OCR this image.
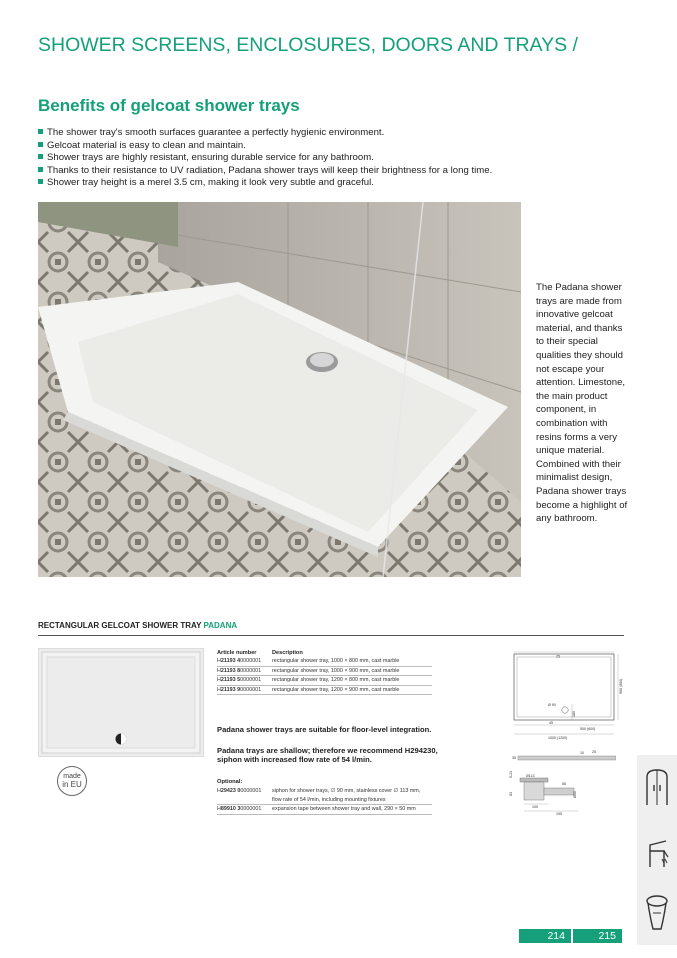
SHOWER SCREENS, ENCLOSURES, DOORS AND TRAYS /
Benefits of gelcoat shower trays
The shower tray's smooth surfaces guarantee a perfectly hygienic environment.
Gelcoat material is easy to clean and maintain.
Shower trays are highly resistant, ensuring durable service for any bathroom.
Thanks to their resistance to UV radiation, Padana shower trays will keep their brightness for a long time.
Shower tray height is a merel 3.5 cm, making it look very subtle and graceful.
The Padana shower trays are made from innovative gelcoat material, and thanks to their special qualities they should not escape your attention. Limestone, the main product component, in combination with resins forms a very unique material. Combined with their minimalist design, Padana shower trays become a highlight of any bathroom.
RECTANGULAR GELCOAT SHOWER TRAY PADANA
made
in EU
Article number	Description
H21193 40000001	rectangular shower tray, 1000 × 800 mm, cast marble
H21193 80000001	rectangular shower tray, 1000 × 900 mm, cast marble
H21193 50000001	rectangular shower tray, 1200 × 800 mm, cast marble
H21193 90000001	rectangular shower tray, 1200 × 900 mm, cast marble
Padana shower trays are suitable for floor-level integration.
Padana trays are shallow; therefore we recommend H294230, siphon with increased flow rate of 54 l/min.
Optional:
H29423 00000001	siphon for shower trays, ∅ 90 mm, stainless cover ∅ 113 mm, flow rate of 54 l/min, including mounting fixtures
H89910 30000001	expansion tape between shower tray and wall, 290 × 50 mm
25
900 (800)
Ø 90
180
45
500 (600)
1000 (1200)
35
10 25
5-24	Ø113
83
56
Ø50
100
195
214	215
